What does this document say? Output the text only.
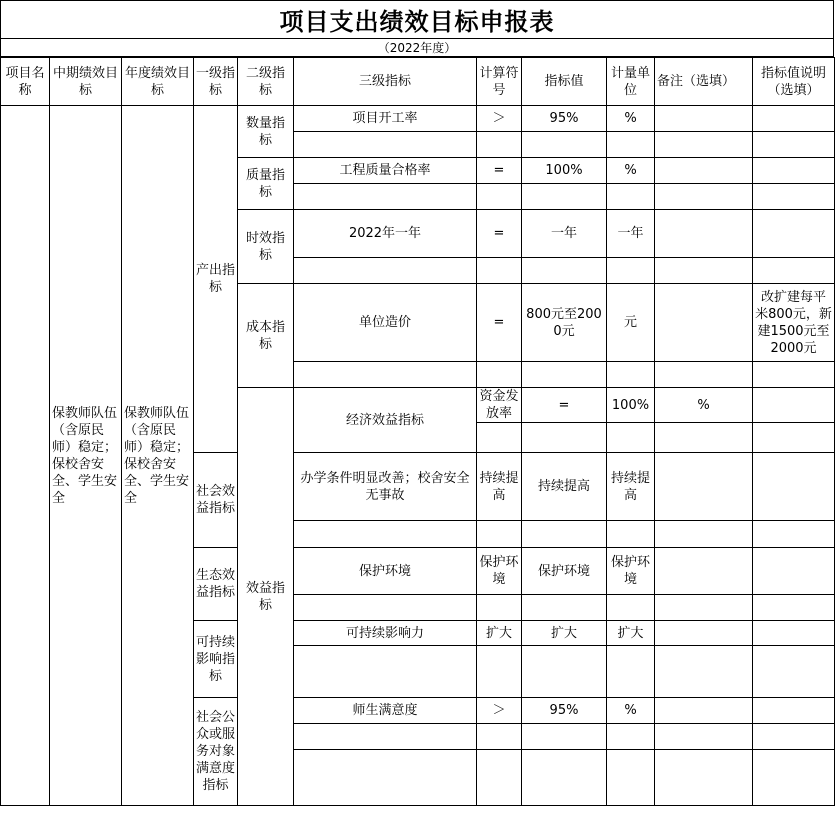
项目支出绩效目标申报表
（2022年度）
项目名称	中期绩效目标	年度绩效目标	一级指标	二级指标	三级指标	计算符号	指标值	计量单位	备注（选填）	指标值说明（选填）	
	保教师队伍（含原民师）稳定；保校舍安全、学生安全	保教师队伍（含原民师）稳定；保校舍安全、学生安全	产出指标	数量指标	项目开工率	＞	95%	%			

				质量指标	工程质量合格率	=	100%	%			

				时效指标	2022年一年	=	一年	一年			

				成本指标	单位造价	=	800元至2000元	元		改扩建每平米800元，新建1500元至2000元	

				效益指标	经济效益指标	资金发放率	=	100%	%		

			社会效益指标		办学条件明显改善；校舍安全无事故	持续提高	持续提高	持续提高			

			生态效益指标		保护环境	保护环境	保护环境	保护环境			

			可持续影响指标		可持续影响力	扩大	扩大	扩大			

			社会公众或服务对象满意度指标		师生满意度	＞	95%	%			
